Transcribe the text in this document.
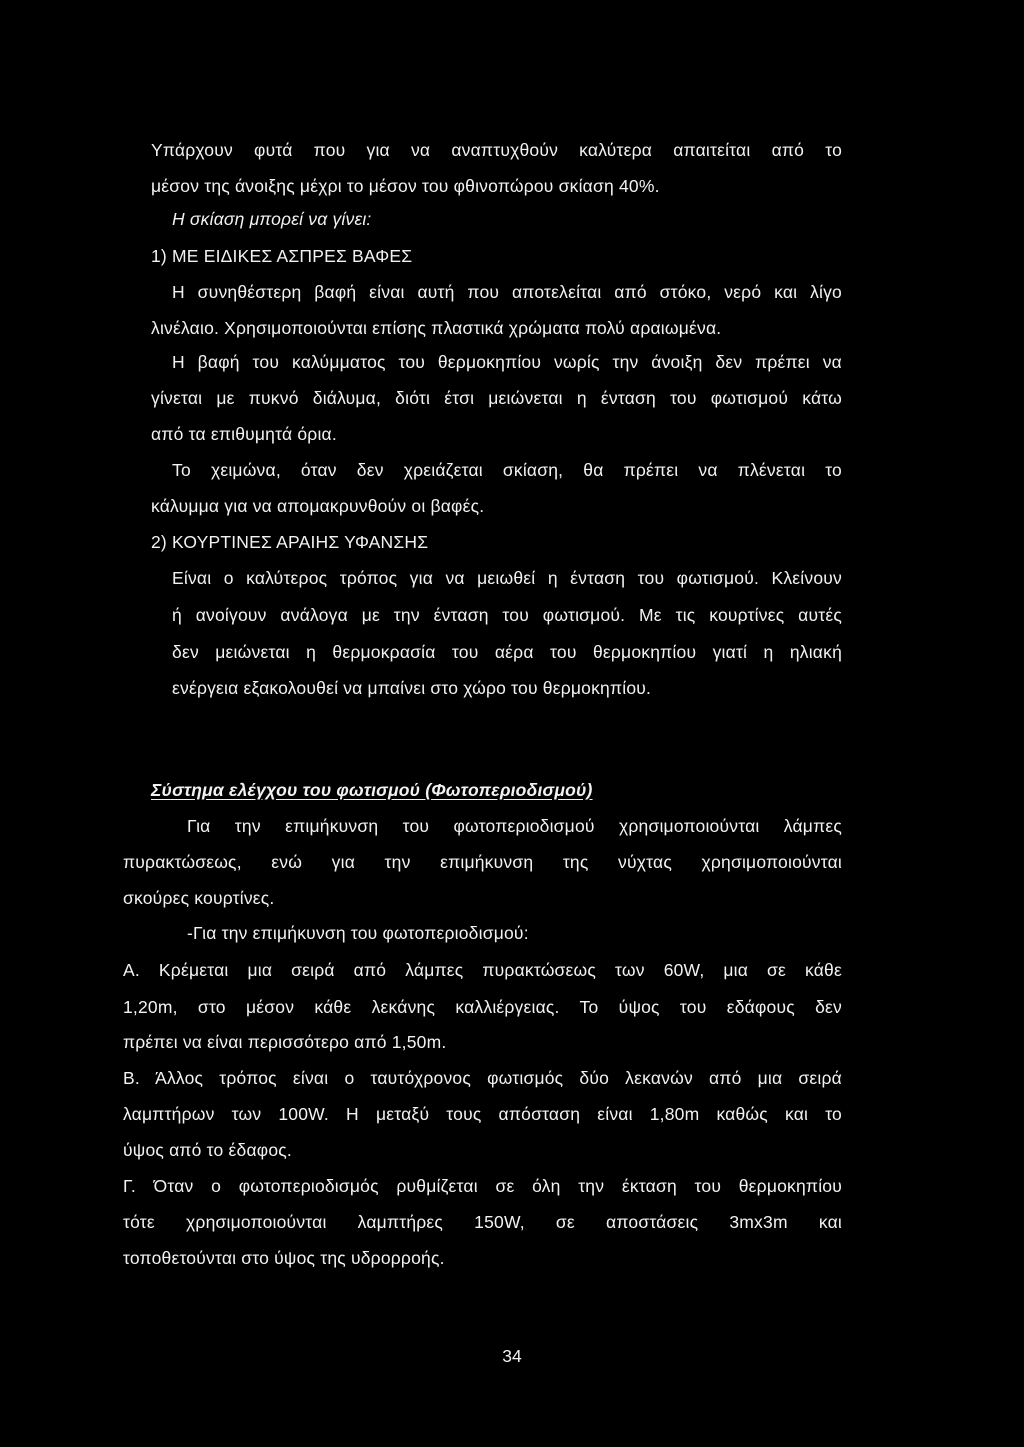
Υπάρχουν φυτά που για να αναπτυχθούν καλύτερα απαιτείται από το
μέσον της άνοιξης μέχρι το μέσον του φθινοπώρου σκίαση 40%.
Η σκίαση μπορεί να γίνει:
1) ΜΕ ΕΙΔΙΚΕΣ ΑΣΠΡΕΣ ΒΑΦΕΣ
Η συνηθέστερη βαφή είναι αυτή που αποτελείται από στόκο, νερό και λίγο
λινέλαιο. Χρησιμοποιούνται επίσης πλαστικά χρώματα πολύ αραιωμένα.
Η βαφή του καλύμματος του θερμοκηπίου νωρίς την άνοιξη δεν πρέπει να
γίνεται με πυκνό διάλυμα, διότι έτσι μειώνεται η ένταση του φωτισμού κάτω
από τα επιθυμητά όρια.
Το χειμώνα, όταν δεν χρειάζεται σκίαση, θα πρέπει να πλένεται το
κάλυμμα για να απομακρυνθούν οι βαφές.
2) ΚΟΥΡΤΙΝΕΣ ΑΡΑΙΗΣ ΥΦΑΝΣΗΣ
Είναι ο καλύτερος τρόπος για να μειωθεί η ένταση του φωτισμού. Κλείνουν
ή ανοίγουν ανάλογα με την ένταση του φωτισμού. Με τις κουρτίνες αυτές
δεν μειώνεται η θερμοκρασία του αέρα του θερμοκηπίου γιατί η ηλιακή
ενέργεια εξακολουθεί να μπαίνει στο χώρο του θερμοκηπίου.
Σύστημα ελέγχου του φωτισμού (Φωτοπεριοδισμού)
Για την επιμήκυνση του φωτοπεριοδισμού χρησιμοποιούνται λάμπες
πυρακτώσεως, ενώ για την επιμήκυνση της νύχτας χρησιμοποιούνται
σκούρες κουρτίνες.
-Για την επιμήκυνση του φωτοπεριοδισμού:
Α. Κρέμεται μια σειρά από λάμπες πυρακτώσεως των 60W, μια σε κάθε
1,20m, στο μέσον κάθε λεκάνης καλλιέργειας. Το ύψος του εδάφους δεν
πρέπει να είναι περισσότερο από 1,50m.
Β. Άλλος τρόπος είναι ο ταυτόχρονος φωτισμός δύο λεκανών από μια σειρά
λαμπτήρων των 100W. Η μεταξύ τους απόσταση είναι 1,80m καθώς και το
ύψος από το έδαφος.
Γ. Όταν ο φωτοπεριοδισμός ρυθμίζεται σε όλη την έκταση του θερμοκηπίου
τότε χρησιμοποιούνται λαμπτήρες 150W, σε αποστάσεις 3mx3m και
τοποθετούνται στο ύψος της υδρορροής.
34
